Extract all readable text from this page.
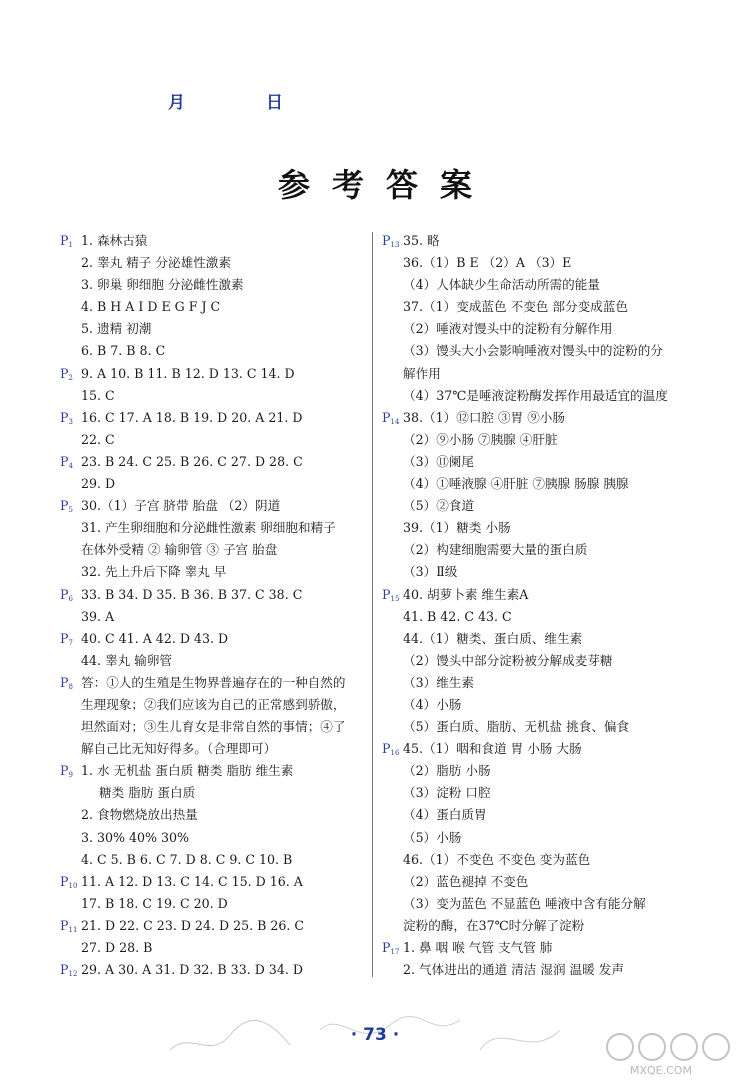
月	日
参考答案
$P_1$ 1. 森林古猿
2. 睾丸 精子 分泌雄性激素
3. 卵巢 卵细胞 分泌雌性激素
4. B H A I D E G F J C
5. 遗精 初潮
6. B 7. B 8. C
$P_2$ 9. A 10. B 11. B 12. D 13. C 14. D
15. C
$P_3$ 16. C 17. A 18. B 19. D 20. A 21. D
22. C
$P_4$ 23. B 24. C 25. B 26. C 27. D 28. C
29. D
$P_5$ 30.（1）子宫 脐带 胎盘 （2）阴道
31. 产生卵细胞和分泌雌性激素 卵细胞和精子
在体外受精 ② 输卵管 ③ 子宫 胎盘
32. 先上升后下降 睾丸 早
$P_6$ 33. B 34. D 35. B 36. B 37. C 38. C
39. A
$P_7$ 40. C 41. A 42. D 43. D
44. 睾丸 输卵管
$P_8$ 答：①人的生殖是生物界普遍存在的一种自然的
生理现象；②我们应该为自己的正常感到骄傲，
坦然面对；③生儿育女是非常自然的事情；④了
解自己比无知好得多。（合理即可）
$P_9$ 1. 水 无机盐 蛋白质 糖类 脂肪 维生素
糖类 脂肪 蛋白质
2. 食物燃烧放出热量
3. 30% 40% 30%
4. C 5. B 6. C 7. D 8. C 9. C 10. B
$P_{10}$ 11. A 12. D 13. C 14. C 15. D 16. A
17. B 18. C 19. C 20. D
$P_{11}$ 21. D 22. C 23. D 24. D 25. B 26. C
27. D 28. B
$P_{12}$ 29. A 30. A 31. D 32. B 33. D 34. D
$P_{13}$ 35. 略
36.（1）B E （2）A （3）E
（4）人体缺少生命活动所需的能量
37.（1）变成蓝色 不变色 部分变成蓝色
（2）唾液对馒头中的淀粉有分解作用
（3）馒头大小会影响唾液对馒头中的淀粉的分
解作用
（4）37℃是唾液淀粉酶发挥作用最适宜的温度
$P_{14}$ 38.（1）⑫口腔 ③胃 ⑨小肠
（2）⑨小肠 ⑦胰腺 ④肝脏
（3）⑪阑尾
（4）①唾液腺 ④肝脏 ⑦胰腺 肠腺 胰腺
（5）②食道
39.（1）糖类 小肠
（2）构建细胞需要大量的蛋白质
（3）Ⅱ级
$P_{15}$ 40. 胡萝卜素 维生素A
41. B 42. C 43. C
44.（1）糖类、蛋白质、维生素
（2）馒头中部分淀粉被分解成麦芽糖
（3）维生素
（4）小肠
（5）蛋白质、脂肪、无机盐 挑食、偏食
$P_{16}$ 45.（1）咽和食道 胃 小肠 大肠
（2）脂肪 小肠
（3）淀粉 口腔
（4）蛋白质胃
（5）小肠
46.（1）不变色 不变色 变为蓝色
（2）蓝色褪掉 不变色
（3）变为蓝色 不显蓝色 唾液中含有能分解
淀粉的酶，在37℃时分解了淀粉
$P_{17}$ 1. 鼻 咽 喉 气管 支气管 肺
2. 气体进出的通道 清洁 湿润 温暖 发声
· 73 ·
MXQE.COM
